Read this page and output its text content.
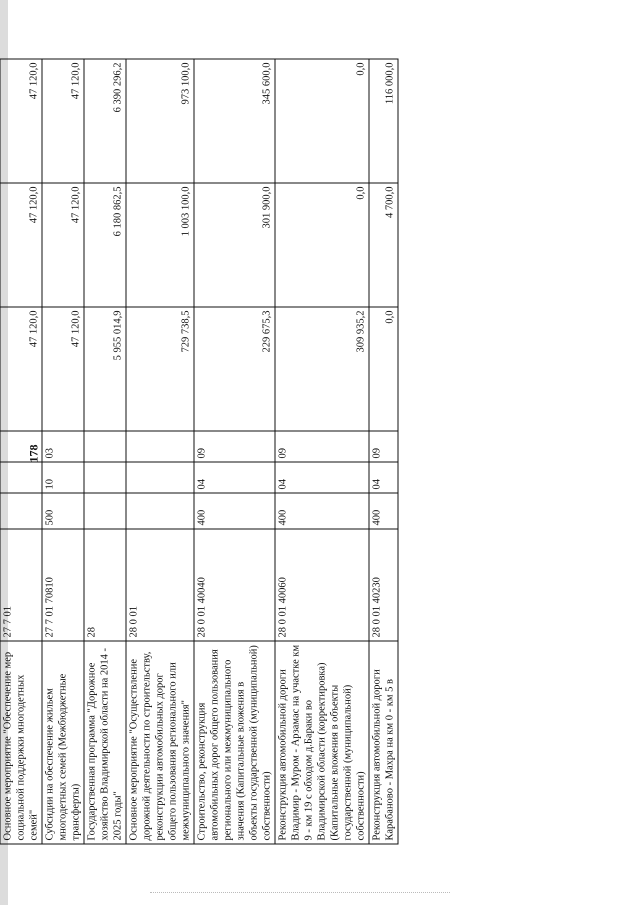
178

Основное мероприятие "Обеспечение мер социальной поддержки многодетных семей"	27 7 01				47 120,0	47 120,0	47 120,0
Субсидии на обеспечение жильем многодетных семей (Межбюджетные трансферты)	27 7 01 70810	500	10	03	47 120,0	47 120,0	47 120,0
Государственная программа "Дорожное хозяйство Владимирской области на 2014 - 2025 годы"	28				5 955 014,9	6 180 862,5	6 390 296,2
Основное мероприятие "Осуществление дорожной деятельности по строительству, реконструкции автомобильных дорог общего пользования регионального или межмуниципального значения"	28 0 01				729 738,5	1 003 100,0	973 100,0
Строительство, реконструкция автомобильных дорог общего пользования регионального или межмуниципального значения (Капитальные вложения в объекты государственной (муниципальной) собственности)	28 0 01 40040	400	04	09	229 675,3	301 900,0	345 600,0
Реконструкция автомобильной дороги Владимир - Муром - Арзамас на участке км 9 - км 19 с обходом д.Бараки во Владимирской области (корректировка) (Капитальные вложения в объекты государственной (муниципальной) собственности)	28 0 01 40060	400	04	09	309 935,2	0,0	0,0
Реконструкция автомобильной дороги Карабаново - Махра на км 0 - км 5 в	28 0 01 40230	400	04	09	0,0	4 700,0	116 000,0
